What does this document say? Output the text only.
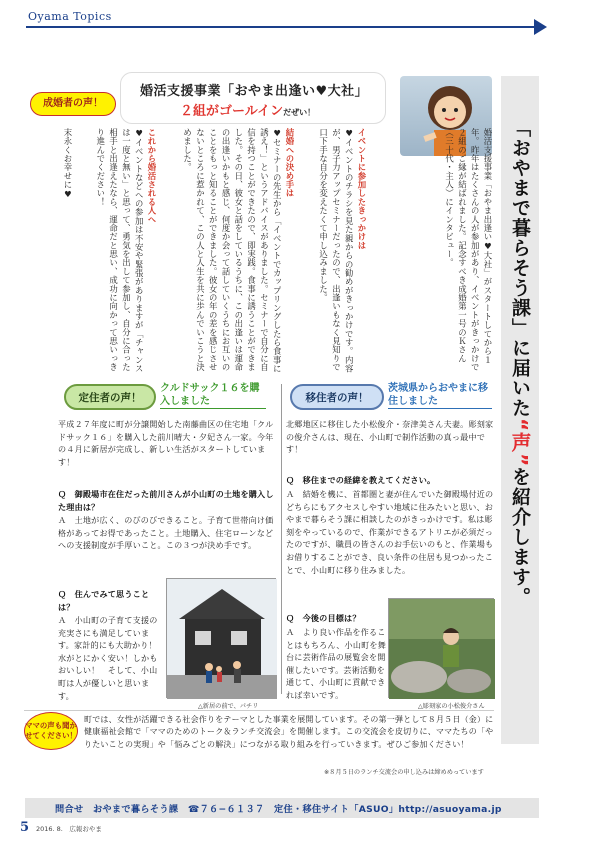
Oyama Topics
「おやまで暮らそう課」
に届いた
“声”
を紹介します。
成婚者の声！
婚活支援事業「おやま出逢い♥大社」
２組がゴールインだぜい！
婚活支援事業「おやま出逢い♥大社」がスタートしてから１年。昨年はたくさんの人が参加があり、イベントがきっかけで２組のご縁が結ばれました。記念すべき成婚第一号のＫさん（三十代・主人）にインタビュー。
イベントに参加したきっかけは
♥イベントのチラシを見た親からの勧めがきっかけです。内容が、男子力アップセミナーだったので、出逢いもなく見知りで口下手な自分を変えたくて申し込みました。
結婚への決め手は
♥セミナーの先生から「イベントでカップリングしたら食事に誘え！」というアドバイスがありました。セミナーで自分に自信を持つことができたので、即実践。食事に誘うことができました。その日、彼女と話をしているうちに、この出逢いは運命の出逢いかもと感じ、何度か会って話していくうちにお互いのことをもっと知ることができました。彼女の年の差を感じさせないところに惹かれて、この人と人生を共に歩んでいこうと決めました。
これから婚活される人へ
♥イベントなどへの参加は不安や緊張がありますが「チャンスは一度と無い」と思って、勇気を出して参加し、自分に合った相手と出逢えたなら、運命だと思い、成功に向かって思いっきり進んでください！
末永くお幸せに♥
定住者の声！
クルドサック１６を購入しました
平成２７年度に町が分譲開始した南藤曲区の住宅地「クルドサック１６」を購入した前川晴大・夕妃さん一家。今年の４月に新居が完成し、新しい生活がスタートしています！
Ｑ　御殿場市在住だった前川さんが小山町の土地を購入した理由は？
Ａ　土地が広く、のびのびできること。子育て世帯向け価格があってお得であったこと。土地購入、住宅ローンなどへの支援制度が手厚いこと。この３つが決め手です。
Ｑ　住んでみて思うことは？
Ａ　小山町の子育て支援の充実さにも満足しています。家計的にも大助かり！　水がとにかく安い！しかもおいしい！　そして、小山町は人が優しいと思います。
△新居の前で、パチリ
移住者の声！
茨城県からおやまに移住しました
北郷地区に移住した小松俊介・奈津美さん夫妻。彫刻家の俊介さんは、現在、小山町で制作活動の真っ最中です！
Ｑ　移住までの経緯を教えてください。
Ａ　結婚を機に、首都圏と妻が住んでいた御殿場付近のどちらにもアクセスしやすい地域に住みたいと思い、おやまで暮らそう課に相談したのがきっかけです。私は彫刻をやっているので、作業ができるアトリエが必須だったのですが、職員の皆さんのお手伝いのもと、作業場もお借りすることができ、良い条件の住居も見つかったことで、小山町に移り住みました。
Ｑ　今後の目標は？
Ａ　より良い作品を作ることはもちろん、小山町を舞台に芸術作品の展覧会を開催したいです。芸術活動を通じて、小山町に貢献できれば幸いです。
△彫刻家の小松俊介さん
ママの声も聞かせてください！
町では、女性が活躍できる社会作りをテーマとした事業を展開しています。その第一弾として８月５日（金）に健康福祉会館で「ママのためのトーク＆ランチ交流会」を開催します。この交流会を皮切りに、ママたちの「やりたいことの実現」や「悩みごとの解決」につながる取り組みを行っていきます。ぜひご参加ください！
※８月５日のランチ交流会の申し込みは締めめっています
問合せ　おやまで暮らそう課　☎７６−６１３７　定住・移住サイト「ASUO」http://asuoyama.jp
5 2016. 8.　広報おやま
